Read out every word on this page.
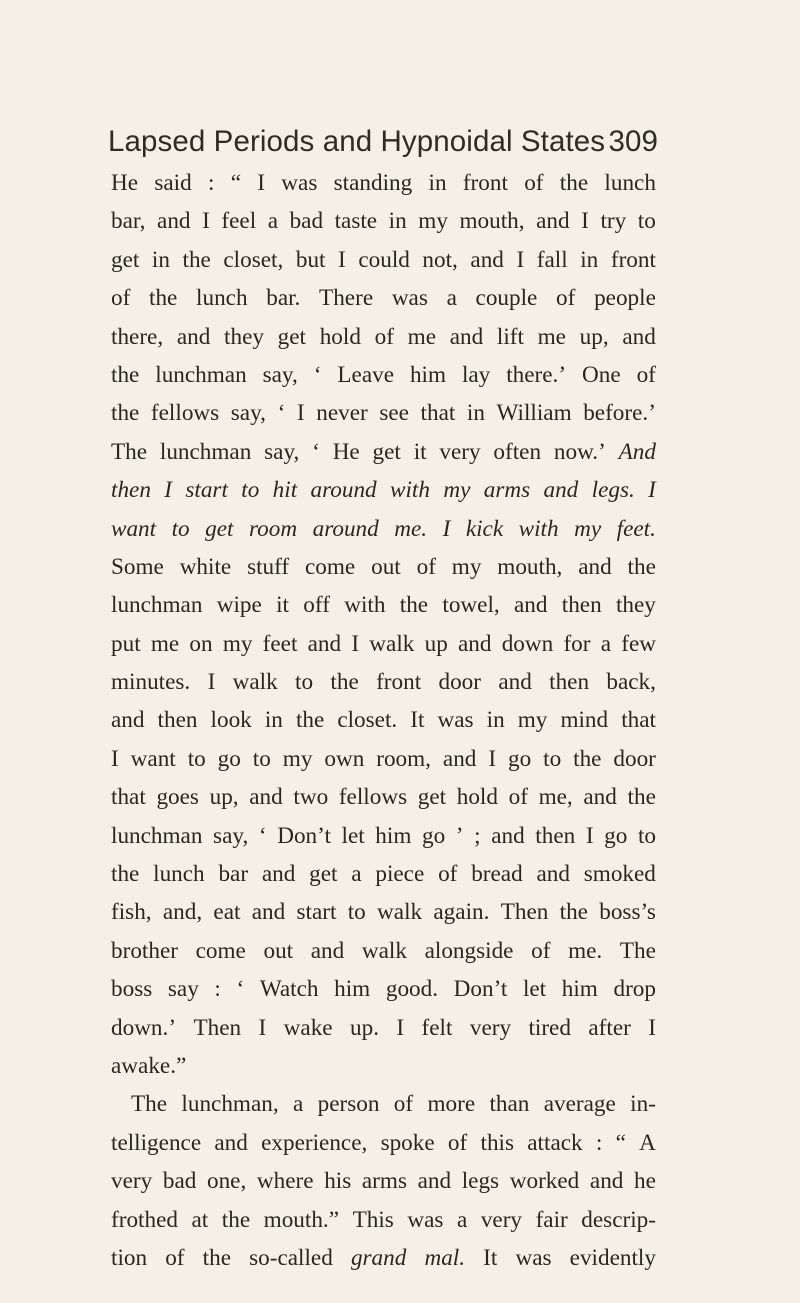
Lapsed Periods and Hypnoidal States 309
He said : “ I was standing in front of the lunch
bar, and I feel a bad taste in my mouth, and I try to
get in the closet, but I could not, and I fall in front
of the lunch bar. There was a couple of people
there, and they get hold of me and lift me up, and
the lunchman say, ‘ Leave him lay there.’ One of
the fellows say, ‘ I never see that in William before.’
The lunchman say, ‘ He get it very often now.’ And
then I start to hit around with my arms and legs. I
want to get room around me. I kick with my feet.
Some white stuff come out of my mouth, and the
lunchman wipe it off with the towel, and then they
put me on my feet and I walk up and down for a few
minutes. I walk to the front door and then back,
and then look in the closet. It was in my mind that
I want to go to my own room, and I go to the door
that goes up, and two fellows get hold of me, and the
lunchman say, ‘ Don’t let him go ’ ; and then I go to
the lunch bar and get a piece of bread and smoked
fish, and, eat and start to walk again. Then the boss’s
brother come out and walk alongside of me. The
boss say : ‘ Watch him good. Don’t let him drop
down.’ Then I wake up. I felt very tired after I
awake.”
The lunchman, a person of more than average in-
telligence and experience, spoke of this attack : “ A
very bad one, where his arms and legs worked and he
frothed at the mouth.” This was a very fair descrip-
tion of the so-called grand mal. It was evidently
